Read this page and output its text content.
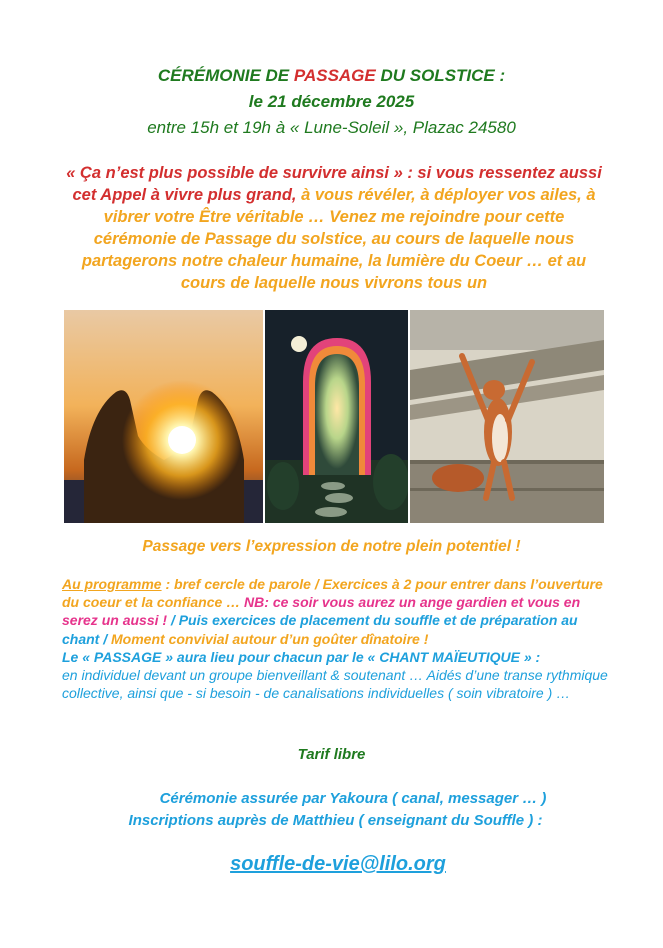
CÉRÉMONIE DE PASSAGE DU SOLSTICE :
le 21 décembre 2025
entre 15h et 19h à « Lune-Soleil », Plazac 24580
« Ça n’est plus possible de survivre ainsi » : si vous ressentez aussi cet Appel à vivre plus grand, à vous révéler, à déployer vos ailes, à vibrer votre Être véritable … Venez me rejoindre pour cette cérémonie de Passage du solstice, au cours de laquelle nous partagerons notre chaleur humaine, la lumière du Coeur … et au cours de laquelle nous vivrons tous un
Passage vers l’expression de notre plein potentiel !
Au programme : bref cercle de parole / Exercices à 2 pour entrer dans l’ouverture du coeur et la confiance … NB: ce soir vous aurez un ange gardien et vous en serez un aussi ! / Puis exercices de placement du souffle et de préparation au chant / Moment convivial autour d’un goûter dînatoire !
Le « PASSAGE » aura lieu pour chacun par le « CHANT MAÏEUTIQUE » :
en individuel devant un groupe bienveillant & soutenant … Aidés d’une transe rythmique collective, ainsi que - si besoin - de canalisations individuelles ( soin vibratoire ) …
Tarif libre
Cérémonie assurée par Yakoura ( canal, messager … )
Inscriptions auprès de Matthieu ( enseignant du Souffle ) :
souffle-de-vie@lilo.org
